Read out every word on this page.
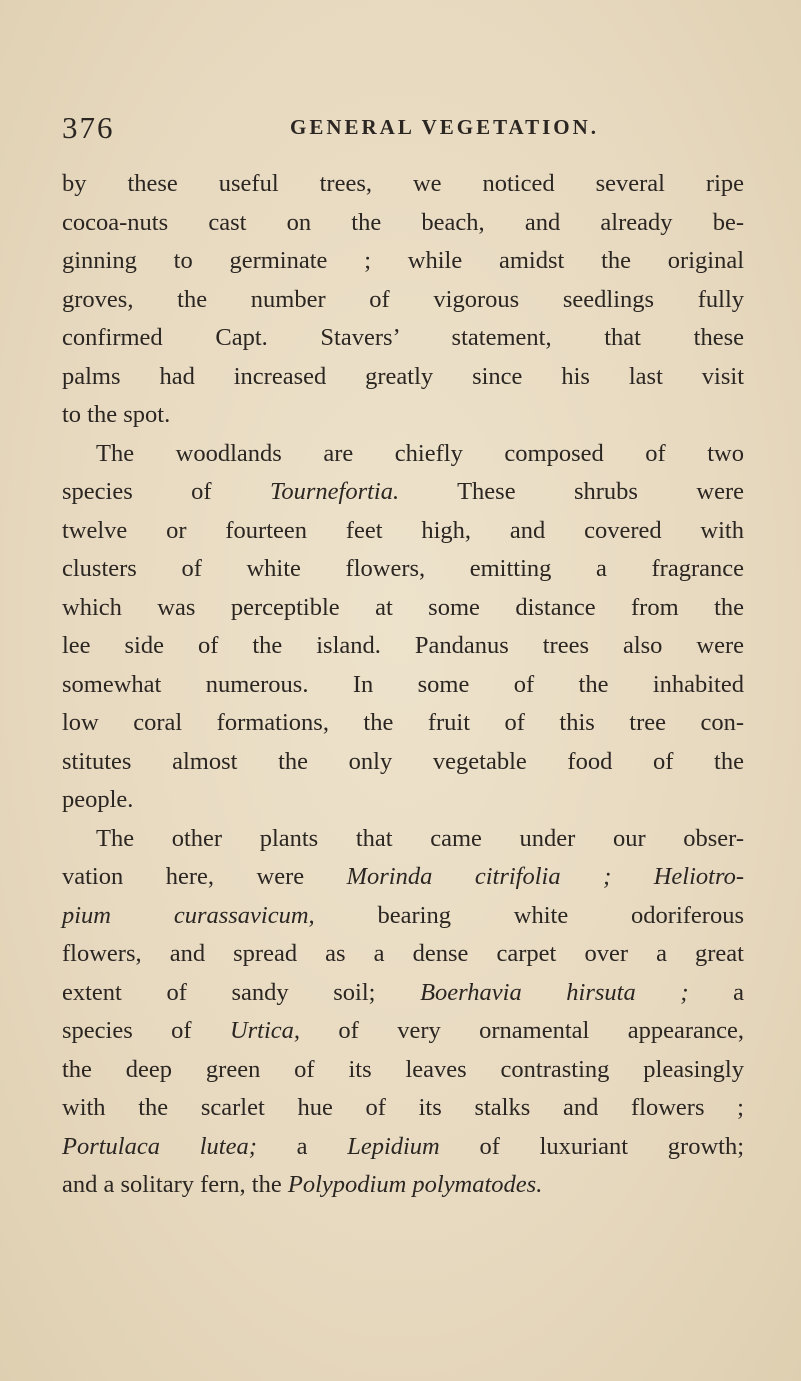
376	GENERAL VEGETATION.
by these useful trees, we noticed several ripe
cocoa-nuts cast on the beach, and already be-
ginning to germinate ; while amidst the original
groves, the number of vigorous seedlings fully
confirmed Capt. Stavers’ statement, that these
palms had increased greatly since his last visit
to the spot.
The woodlands are chiefly composed of two
species of Tournefortia. These shrubs were
twelve or fourteen feet high, and covered with
clusters of white flowers, emitting a fragrance
which was perceptible at some distance from the
lee side of the island. Pandanus trees also were
somewhat numerous. In some of the inhabited
low coral formations, the fruit of this tree con-
stitutes almost the only vegetable food of the
people.
The other plants that came under our obser-
vation here, were Morinda citrifolia ; Heliotro-
pium curassavicum, bearing white odoriferous
flowers, and spread as a dense carpet over a great
extent of sandy soil; Boerhavia hirsuta ; a
species of Urtica, of very ornamental appearance,
the deep green of its leaves contrasting pleasingly
with the scarlet hue of its stalks and flowers ;
Portulaca lutea; a Lepidium of luxuriant growth;
and a solitary fern, the Polypodium polymatodes.
